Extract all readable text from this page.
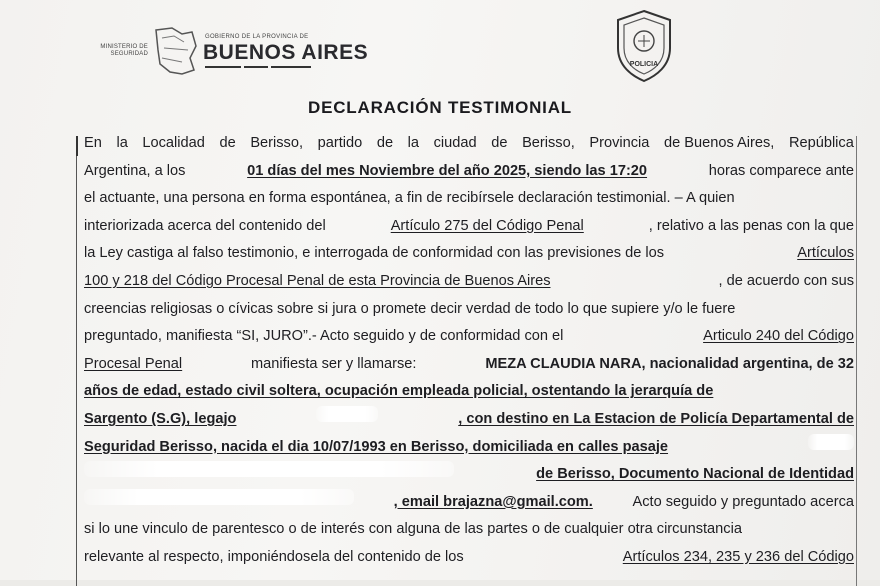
MINISTERIO DE SEGURIDAD
GOBIERNO DE LA PROVINCIA DE
BUENOS AIRES
POLICIA
DECLARACIÓN TESTIMONIAL
En la Localidad de Berisso, partido de la ciudad de Berisso, Provincia de Buenos Aires, República
Argentina, a los	01 días del mes Noviembre del año 2025, siendo las 17:20	horas comparece ante
el actuante, una persona en forma espontánea, a fin de recibírsele declaración testimonial. – A quien
interiorizada acerca del contenido del	Artículo 275 del Código Penal	, relativo a las penas con la que
la Ley castiga al falso testimonio, e interrogada de conformidad con las previsiones de los	Artículos
100 y 218 del Código Procesal Penal de esta Provincia de Buenos Aires	, de acuerdo con sus
creencias religiosas o cívicas sobre si jura o promete decir verdad de todo lo que supiere y/o le fuere
preguntado, manifiesta “SI, JURO”.- Acto seguido y de conformidad con el	Articulo 240 del Código
Procesal Penal	manifiesta ser y llamarse:	MEZA CLAUDIA NARA, nacionalidad argentina, de 32
años de edad, estado civil soltera, ocupación empleada policial, ostentando la jerarquía de
Sargento (S.G), legajo	, con destino en La Estacion de Policía Departamental de
Seguridad Berisso, nacida el dia 10/07/1993 en Berisso, domiciliada en calles pasaje
de Berisso, Documento Nacional de Identidad
, email brajazna@gmail.com.	Acto seguido y preguntado acerca
si lo une vinculo de parentesco o de interés con alguna de las partes o de cualquier otra circunstancia
relevante al respecto, imponiéndosela del contenido de los	Artículos 234, 235 y 236 del Código
